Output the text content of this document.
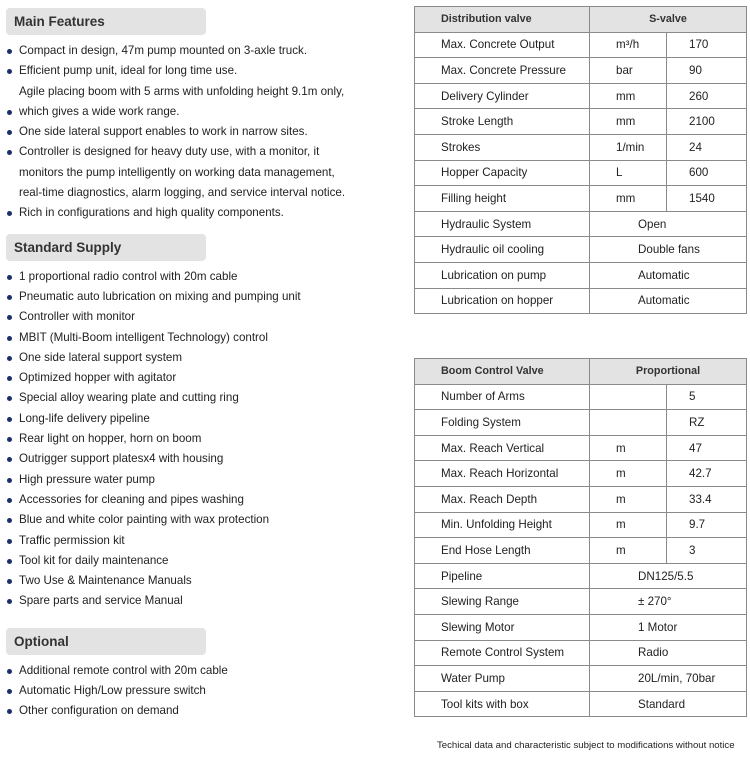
Main Features
Compact in design, 47m pump mounted on 3-axle truck.
Efficient pump unit, ideal for long time use.
Agile placing boom with 5 arms with unfolding height 9.1m only,
which gives a wide work range.
One side lateral support enables to work in narrow sites.
Controller is designed for heavy duty use, with a monitor, it
monitors the pump intelligently on working data management,
real-time diagnostics, alarm logging, and service interval notice.
Rich in configurations and high quality components.
Standard Supply
1 proportional radio control with 20m cable
Pneumatic auto lubrication on mixing and pumping unit
Controller with monitor
MBIT (Multi-Boom intelligent Technology) control
One side lateral support system
Optimized hopper with agitator
Special alloy wearing plate and cutting ring
Long-life delivery pipeline
Rear light on hopper, horn on boom
Outrigger support platesx4 with housing
High pressure water pump
Accessories for cleaning and pipes washing
Blue and white color painting with wax protection
Traffic permission kit
Tool kit for daily maintenance
Two Use & Maintenance Manuals
Spare parts and service Manual
Optional
Additional remote control with 20m cable
Automatic High/Low pressure switch
Other configuration on demand
Distribution valve	S-valve	
Max. Concrete Output	m³/h	170
Max. Concrete Pressure	bar	90
Delivery Cylinder	mm	260
Stroke Length	mm	2100
Strokes	1/min	24
Hopper Capacity	L	600
Filling height	mm	1540
Hydraulic System	Open	
Hydraulic oil cooling	Double fans	
Lubrication on pump	Automatic	
Lubrication on hopper	Automatic	
Boom Control Valve	Proportional	
Number of Arms		5
Folding System		RZ
Max. Reach Vertical	m	47
Max. Reach Horizontal	m	42.7
Max. Reach Depth	m	33.4
Min. Unfolding Height	m	9.7
End Hose Length	m	3
Pipeline	DN125/5.5	
Slewing Range	± 270°	
Slewing Motor	1 Motor	
Remote Control System	Radio	
Water Pump	20L/min, 70bar	
Tool kits with box	Standard	
Techical data and characteristic subject to modifications without notice
